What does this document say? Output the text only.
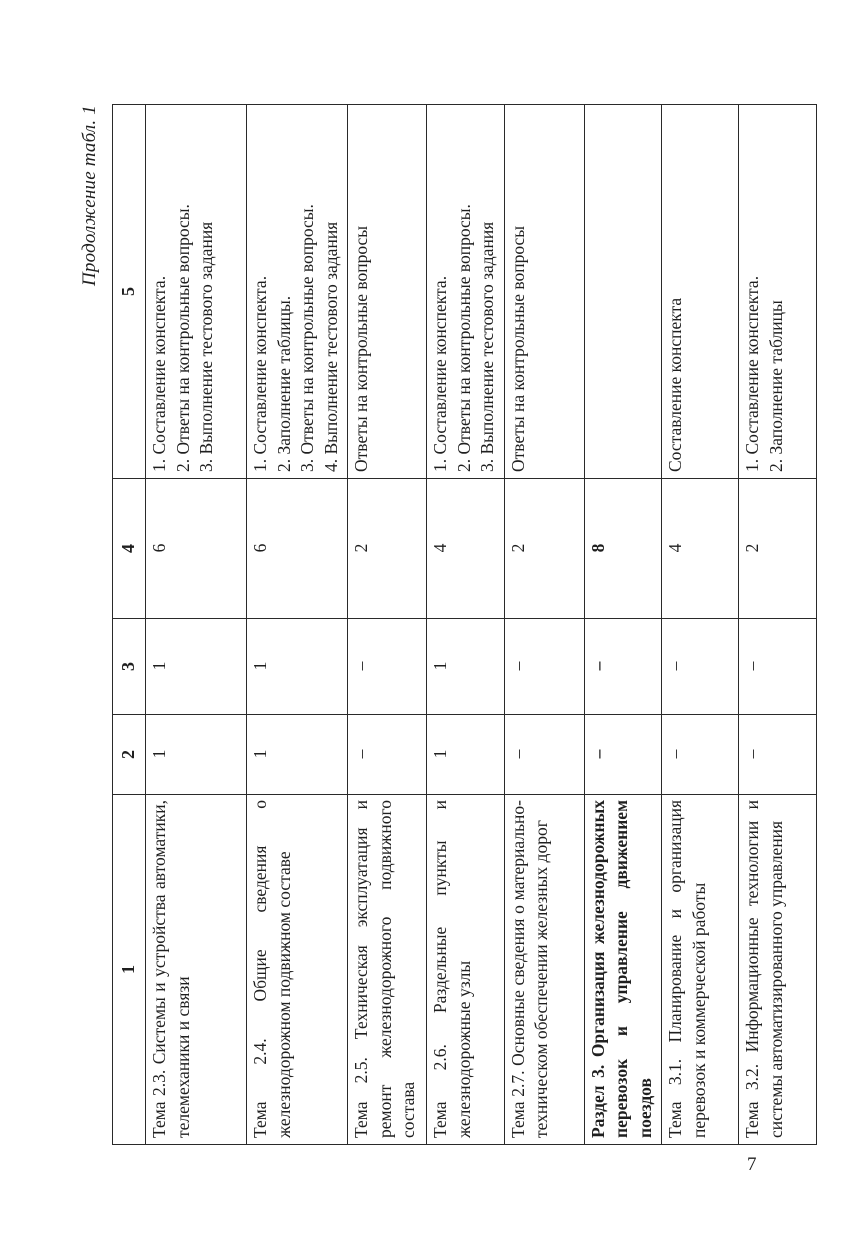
Продолжение табл. 1
1	2	3	4	5
Тема 2.3. Системы и устройства автоматики, телемеханики и связи	1	1	6	1. Составление конспекта. 2. Ответы на контрольные вопросы. 3. Выполнение тестового задания

Тема 2.4. Общие сведения о железнодорожном подвижном составе	1	1	6	1. Составление конспекта. 2. Заполнение таблицы. 3. Ответы на контрольные вопросы. 4. Выполнение тестового задания

Тема 2.5. Техническая эксплуатация и ремонт железнодорожного подвижного состава	–	–	2	Ответы на контрольные вопросы

Тема 2.6. Раздельные пункты и железнодорожные узлы	1	1	4	1. Составление конспекта. 2. Ответы на контрольные вопросы. 3. Выполнение тестового задания

Тема 2.7. Основные сведения о материально-техническом обеспечении железных дорог	–	–	2	Ответы на контрольные вопросы

Раздел 3. Организация железнодорожных перевозок и управление движением поездов	–	–	8	
Тема 3.1. Планирование и организация перевозок и коммерческой работы	–	–	4	Составление конспекта

Тема 3.2. Информационные технологии и системы автоматизированного управления	–	–	2	1. Составление конспекта. 2. Заполнение таблицы
7
